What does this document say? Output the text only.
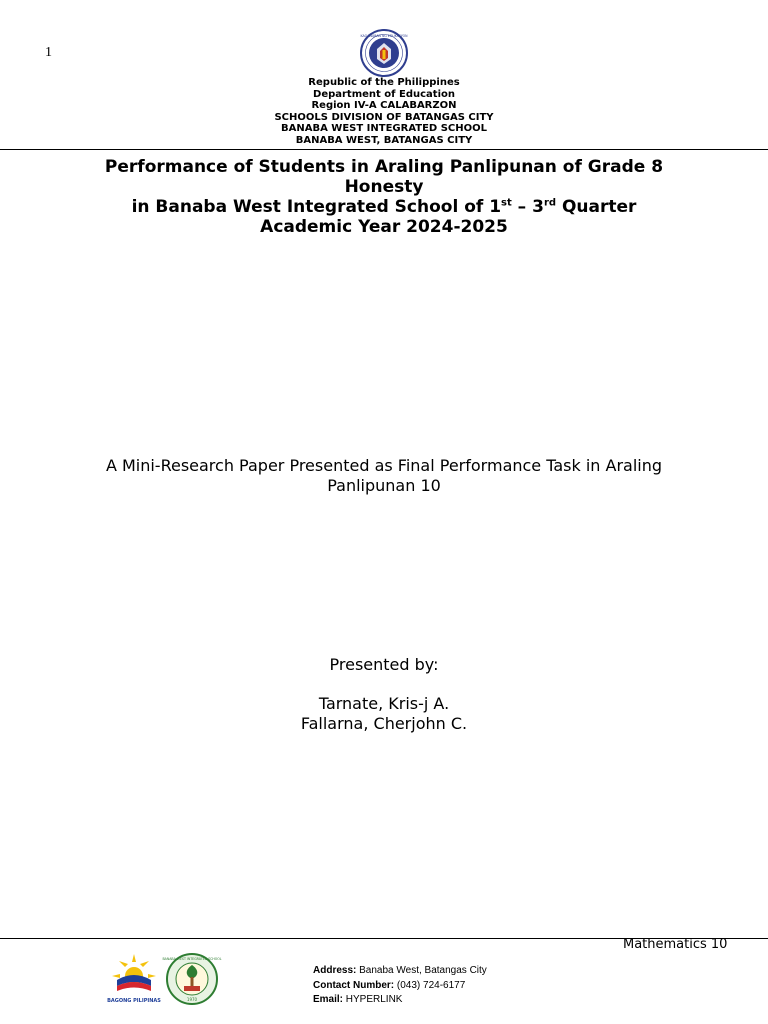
1
KAGAWARAN NG EDUKASYON
Republic of the Philippines
Department of Education
Region IV-A CALABARZON
SCHOOLS DIVISION OF BATANGAS CITY
BANABA WEST INTEGRATED SCHOOL
BANABA WEST, BATANGAS CITY
Performance of Students in Araling Panlipunan of Grade 8
Honesty
in Banaba West Integrated School of 1st – 3rd Quarter
Academic Year 2024-2025
A Mini-Research Paper Presented as Final Performance Task in Araling
Panlipunan 10
Presented by:
Tarnate, Kris-j A.
Fallarna, Cherjohn C.
Mathematics 10
BAGONG PILIPINAS
BANABA WEST INTEGRATED SCHOOL
1970
Address: Banaba West, Batangas City
Contact Number: (043) 724-6177
Email: HYPERLINK
